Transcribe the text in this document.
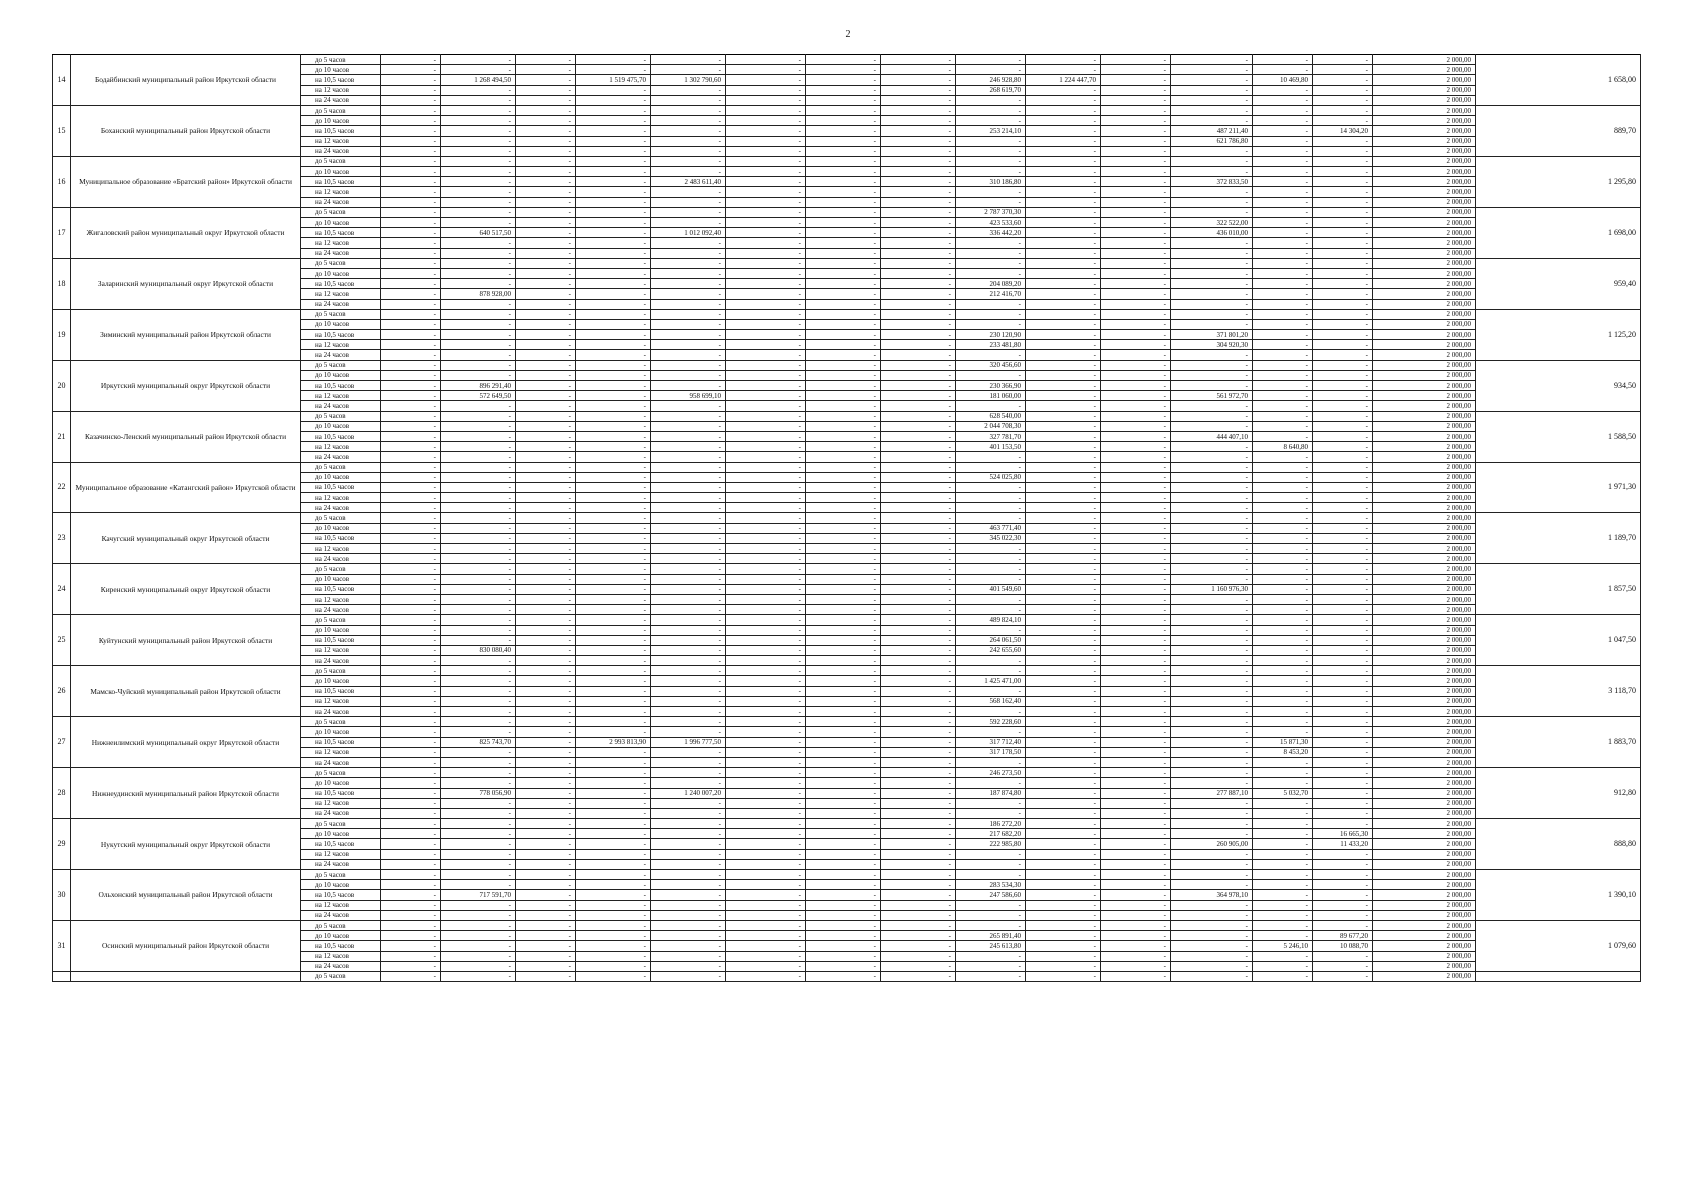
2
14	Бодайбинский муниципальный район Иркутской области	до 5 часов	-	-	-	-	-	-	-	-	-	-	-	-	-	-	2 000,00	1 658,00
		до 10 часов	-	-	-	-	-	-	-	-	-	-	-	-	-	-	2 000,00	
		на 10,5 часов	-	1 268 494,50	-	1 519 475,70	1 302 790,60	-	-	-	246 928,80	1 224 447,70	-	-	10 469,80	-	2 000,00	
		на 12 часов	-	-	-	-	-	-	-	-	268 619,70	-	-	-	-	-	2 000,00	
		на 24 часов	-	-	-	-	-	-	-	-	-	-	-	-	-	-	2 000,00	
15	Боханский муниципальный район Иркутской области	до 5 часов	-	-	-	-	-	-	-	-	-	-	-	-	-	-	2 000,00	889,70
		до 10 часов	-	-	-	-	-	-	-	-	-	-	-	-	-	-	2 000,00	
		на 10,5 часов	-	-	-	-	-	-	-	-	253 214,10	-	-	487 211,40	-	14 304,20	2 000,00	
		на 12 часов	-	-	-	-	-	-	-	-	-	-	-	621 786,80	-	-	2 000,00	
		на 24 часов	-	-	-	-	-	-	-	-	-	-	-	-	-	-	2 000,00	
16	Муниципальное образование «Братский район» Иркутской области	до 5 часов	-	-	-	-	-	-	-	-	-	-	-	-	-	-	2 000,00	1 295,80
		до 10 часов	-	-	-	-	-	-	-	-	-	-	-	-	-	-	2 000,00	
		на 10,5 часов	-	-	-	-	2 483 611,40	-	-	-	310 186,80	-	-	372 833,50	-	-	2 000,00	
		на 12 часов	-	-	-	-	-	-	-	-	-	-	-	-	-	-	2 000,00	
		на 24 часов	-	-	-	-	-	-	-	-	-	-	-	-	-	-	2 000,00	
17	Жигаловский район муниципальный округ Иркутской области	до 5 часов	-	-	-	-	-	-	-	-	2 787 370,30	-	-	-	-	-	2 000,00	1 698,00
		до 10 часов	-	-	-	-	-	-	-	-	423 533,60	-	-	322 522,00	-	-	2 000,00	
		на 10,5 часов	-	640 517,50	-	-	1 012 092,40	-	-	-	336 442,20	-	-	436 010,00	-	-	2 000,00	
		на 12 часов	-	-	-	-	-	-	-	-	-	-	-	-	-	-	2 000,00	
		на 24 часов	-	-	-	-	-	-	-	-	-	-	-	-	-	-	2 000,00	
18	Заларинский муниципальный округ Иркутской области	до 5 часов	-	-	-	-	-	-	-	-	-	-	-	-	-	-	2 000,00	959,40
		до 10 часов	-	-	-	-	-	-	-	-	-	-	-	-	-	-	2 000,00	
		на 10,5 часов	-	-	-	-	-	-	-	-	204 089,20	-	-	-	-	-	2 000,00	
		на 12 часов	-	878 928,00	-	-	-	-	-	-	212 416,70	-	-	-	-	-	2 000,00	
		на 24 часов	-	-	-	-	-	-	-	-	-	-	-	-	-	-	2 000,00	
19	Зиминский муниципальный район Иркутской области	до 5 часов	-	-	-	-	-	-	-	-	-	-	-	-	-	-	2 000,00	1 125,20
		до 10 часов	-	-	-	-	-	-	-	-	-	-	-	-	-	-	2 000,00	
		на 10,5 часов	-	-	-	-	-	-	-	-	230 120,90	-	-	371 801,20	-	-	2 000,00	
		на 12 часов	-	-	-	-	-	-	-	-	233 481,80	-	-	304 920,30	-	-	2 000,00	
		на 24 часов	-	-	-	-	-	-	-	-	-	-	-	-	-	-	2 000,00	
20	Иркутский муниципальный округ Иркутской области	до 5 часов	-	-	-	-	-	-	-	-	320 456,60	-	-	-	-	-	2 000,00	934,50
		до 10 часов	-	-	-	-	-	-	-	-	-	-	-	-	-	-	2 000,00	
		на 10,5 часов	-	896 291,40	-	-	-	-	-	-	230 366,90	-	-	-	-	-	2 000,00	
		на 12 часов	-	572 649,50	-	-	958 699,10	-	-	-	181 060,00	-	-	561 972,70	-	-	2 000,00	
		на 24 часов	-	-	-	-	-	-	-	-	-	-	-	-	-	-	2 000,00	
21	Казачинско-Ленский муниципальный район Иркутской области	до 5 часов	-	-	-	-	-	-	-	-	628 540,00	-	-	-	-	-	2 000,00	1 588,50
		до 10 часов	-	-	-	-	-	-	-	-	2 044 708,30	-	-	-	-	-	2 000,00	
		на 10,5 часов	-	-	-	-	-	-	-	-	327 781,70	-	-	444 407,10	-	-	2 000,00	
		на 12 часов	-	-	-	-	-	-	-	-	401 153,50	-	-	-	8 640,80	-	2 000,00	
		на 24 часов	-	-	-	-	-	-	-	-	-	-	-	-	-	-	2 000,00	
22	Муниципальное образование «Катангский район» Иркутской области	до 5 часов	-	-	-	-	-	-	-	-	-	-	-	-	-	-	2 000,00	1 971,30
		до 10 часов	-	-	-	-	-	-	-	-	524 025,80	-	-	-	-	-	2 000,00	
		на 10,5 часов	-	-	-	-	-	-	-	-	-	-	-	-	-	-	2 000,00	
		на 12 часов	-	-	-	-	-	-	-	-	-	-	-	-	-	-	2 000,00	
		на 24 часов	-	-	-	-	-	-	-	-	-	-	-	-	-	-	2 000,00	
23	Качугский муниципальный округ Иркутской области	до 5 часов	-	-	-	-	-	-	-	-	-	-	-	-	-	-	2 000,00	1 189,70
		до 10 часов	-	-	-	-	-	-	-	-	463 771,40	-	-	-	-	-	2 000,00	
		на 10,5 часов	-	-	-	-	-	-	-	-	345 022,30	-	-	-	-	-	2 000,00	
		на 12 часов	-	-	-	-	-	-	-	-	-	-	-	-	-	-	2 000,00	
		на 24 часов	-	-	-	-	-	-	-	-	-	-	-	-	-	-	2 000,00	
24	Киренский муниципальный округ Иркутской области	до 5 часов	-	-	-	-	-	-	-	-	-	-	-	-	-	-	2 000,00	1 857,50
		до 10 часов	-	-	-	-	-	-	-	-	-	-	-	-	-	-	2 000,00	
		на 10,5 часов	-	-	-	-	-	-	-	-	401 549,60	-	-	1 160 976,30	-	-	2 000,00	
		на 12 часов	-	-	-	-	-	-	-	-	-	-	-	-	-	-	2 000,00	
		на 24 часов	-	-	-	-	-	-	-	-	-	-	-	-	-	-	2 000,00	
25	Куйтунский муниципальный район Иркутской области	до 5 часов	-	-	-	-	-	-	-	-	489 824,10	-	-	-	-	-	2 000,00	1 047,50
		до 10 часов	-	-	-	-	-	-	-	-	-	-	-	-	-	-	2 000,00	
		на 10,5 часов	-	-	-	-	-	-	-	-	264 061,50	-	-	-	-	-	2 000,00	
		на 12 часов	-	830 080,40	-	-	-	-	-	-	242 655,60	-	-	-	-	-	2 000,00	
		на 24 часов	-	-	-	-	-	-	-	-	-	-	-	-	-	-	2 000,00	
26	Мамско-Чуйский муниципальный район Иркутской области	до 5 часов	-	-	-	-	-	-	-	-	-	-	-	-	-	-	2 000,00	3 118,70
		до 10 часов	-	-	-	-	-	-	-	-	1 425 471,00	-	-	-	-	-	2 000,00	
		на 10,5 часов	-	-	-	-	-	-	-	-	-	-	-	-	-	-	2 000,00	
		на 12 часов	-	-	-	-	-	-	-	-	568 162,40	-	-	-	-	-	2 000,00	
		на 24 часов	-	-	-	-	-	-	-	-	-	-	-	-	-	-	2 000,00	
27	Нижнеилимский муниципальный округ Иркутской области	до 5 часов	-	-	-	-	-	-	-	-	592 228,60	-	-	-	-	-	2 000,00	1 883,70
		до 10 часов	-	-	-	-	-	-	-	-	-	-	-	-	-	-	2 000,00	
		на 10,5 часов	-	825 743,70	-	2 993 813,90	1 996 777,50	-	-	-	317 712,40	-	-	-	15 871,30	-	2 000,00	
		на 12 часов	-	-	-	-	-	-	-	-	317 178,50	-	-	-	8 453,20	-	2 000,00	
		на 24 часов	-	-	-	-	-	-	-	-	-	-	-	-	-	-	2 000,00	
28	Нижнеудинский муниципальный район Иркутской области	до 5 часов	-	-	-	-	-	-	-	-	246 273,50	-	-	-	-	-	2 000,00	912,80
		до 10 часов	-	-	-	-	-	-	-	-	-	-	-	-	-	-	2 000,00	
		на 10,5 часов	-	778 056,90	-	-	1 240 007,20	-	-	-	187 874,80	-	-	277 887,10	5 032,70	-	2 000,00	
		на 12 часов	-	-	-	-	-	-	-	-	-	-	-	-	-	-	2 000,00	
		на 24 часов	-	-	-	-	-	-	-	-	-	-	-	-	-	-	2 000,00	
29	Нукутский муниципальный округ Иркутской области	до 5 часов	-	-	-	-	-	-	-	-	186 272,20	-	-	-	-	-	2 000,00	888,80
		до 10 часов	-	-	-	-	-	-	-	-	217 682,20	-	-	-	-	16 665,30	2 000,00	
		на 10,5 часов	-	-	-	-	-	-	-	-	222 985,80	-	-	260 905,00	-	11 433,20	2 000,00	
		на 12 часов	-	-	-	-	-	-	-	-	-	-	-	-	-	-	2 000,00	
		на 24 часов	-	-	-	-	-	-	-	-	-	-	-	-	-	-	2 000,00	
30	Ольхонский муниципальный район Иркутской области	до 5 часов	-	-	-	-	-	-	-	-	-	-	-	-	-	-	2 000,00	1 390,10
		до 10 часов	-	-	-	-	-	-	-	-	283 534,30	-	-	-	-	-	2 000,00	
		на 10,5 часов	-	717 591,70	-	-	-	-	-	-	247 586,60	-	-	364 978,10	-	-	2 000,00	
		на 12 часов	-	-	-	-	-	-	-	-	-	-	-	-	-	-	2 000,00	
		на 24 часов	-	-	-	-	-	-	-	-	-	-	-	-	-	-	2 000,00	
31	Осинский муниципальный район Иркутской области	до 5 часов	-	-	-	-	-	-	-	-	-	-	-	-	-	-	2 000,00	1 079,60
		до 10 часов	-	-	-	-	-	-	-	-	265 891,40	-	-	-	-	89 677,20	2 000,00	
		на 10,5 часов	-	-	-	-	-	-	-	-	245 613,80	-	-	-	5 246,10	10 088,70	2 000,00	
		на 12 часов	-	-	-	-	-	-	-	-	-	-	-	-	-	-	2 000,00	
		на 24 часов	-	-	-	-	-	-	-	-	-	-	-	-	-	-	2 000,00	
		до 5 часов	-	-	-	-	-	-	-	-	-	-	-	-	-	-	2 000,00	
